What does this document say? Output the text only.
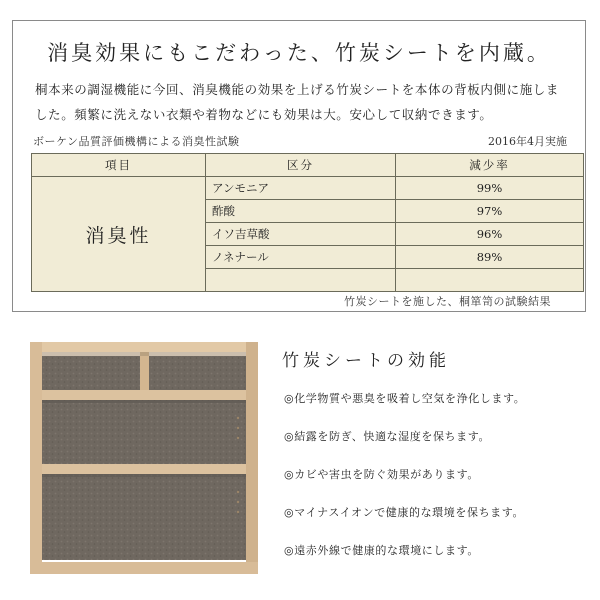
消臭効果にもこだわった、竹炭シートを内蔵。
桐本来の調湿機能に今回、消臭機能の効果を上げる竹炭シートを本体の背板内側に施しました。頻繁に洗えない衣類や着物などにも効果は大。安心して収納できます。
ボーケン品質評価機構による消臭性試験	2016年4月実施
項目	区分	減少率
消臭性	アンモニア	99%
	酢酸	97%
	イソ吉草酸	96%
	ノネナール	89%

竹炭シートを施した、桐箪笥の試験結果
竹炭シートの効能
◎化学物質や悪臭を吸着し空気を浄化します。
◎結露を防ぎ、快適な湿度を保ちます。
◎カビや害虫を防ぐ効果があります。
◎マイナスイオンで健康的な環境を保ちます。
◎遠赤外線で健康的な環境にします。
